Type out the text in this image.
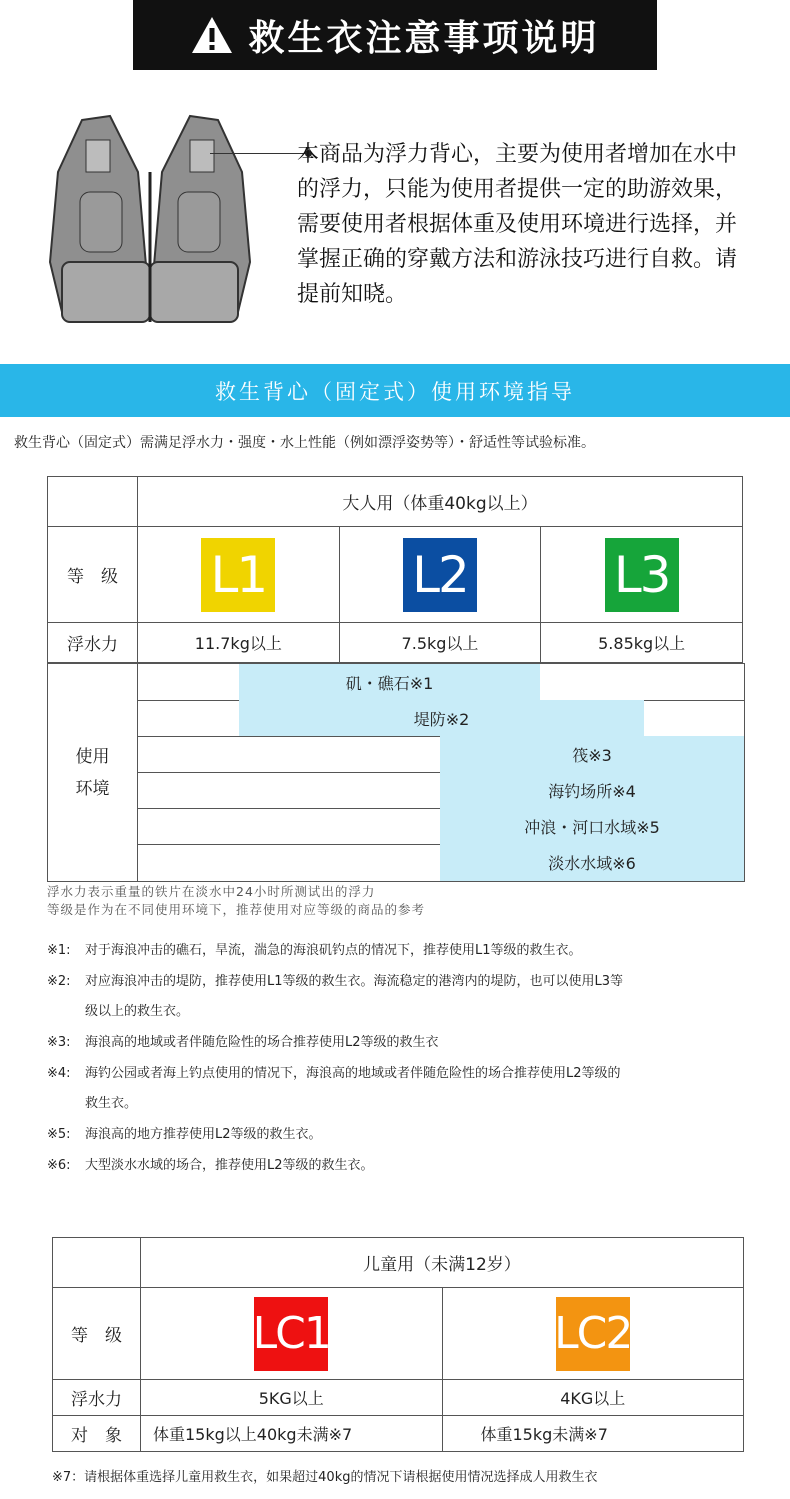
救生衣注意事项说明
本商品为浮力背心，主要为使用者增加在水中的浮力，只能为使用者提供一定的助游效果，需要使用者根据体重及使用环境进行选择，并掌握正确的穿戴方法和游泳技巧进行自救。请提前知晓。
救生背心（固定式）使用环境指导
救生背心（固定式）需满足浮水力・强度・水上性能（例如漂浮姿势等）・舒适性等试验标准。
	大人用（体重40kg以上）		
等　级	L1	L2	L3
浮水力	11.7kg以上	7.5kg以上	5.85kg以上
使用
环境
矶・礁石※1
堤防※2
筏※3
海钓场所※4
冲浪・河口水域※5
淡水水域※6
浮水力表示重量的铁片在淡水中24小时所测试出的浮力
等级是作为在不同使用环境下，推荐使用对应等级的商品的参考
※1: 对于海浪冲击的礁石，旱流，湍急的海浪矶钓点的情况下，推荐使用L1等级的救生衣。
※2: 对应海浪冲击的堤防，推荐使用L1等级的救生衣。海流稳定的港湾内的堤防，也可以使用L3等
级以上的救生衣。
※3: 海浪高的地域或者伴随危险性的场合推荐使用L2等级的救生衣
※4: 海钓公园或者海上钓点使用的情况下，海浪高的地域或者伴随危险性的场合推荐使用L2等级的
救生衣。
※5: 海浪高的地方推荐使用L2等级的救生衣。
※6: 大型淡水水域的场合，推荐使用L2等级的救生衣。
	儿童用（未满12岁）	
等　级	LC1	LC2
浮水力	5KG以上	4KG以上
对　象	体重15kg以上40kg未满※7	体重15kg未满※7
※7：请根据体重选择儿童用救生衣，如果超过40kg的情况下请根据使用情况选择成人用救生衣
